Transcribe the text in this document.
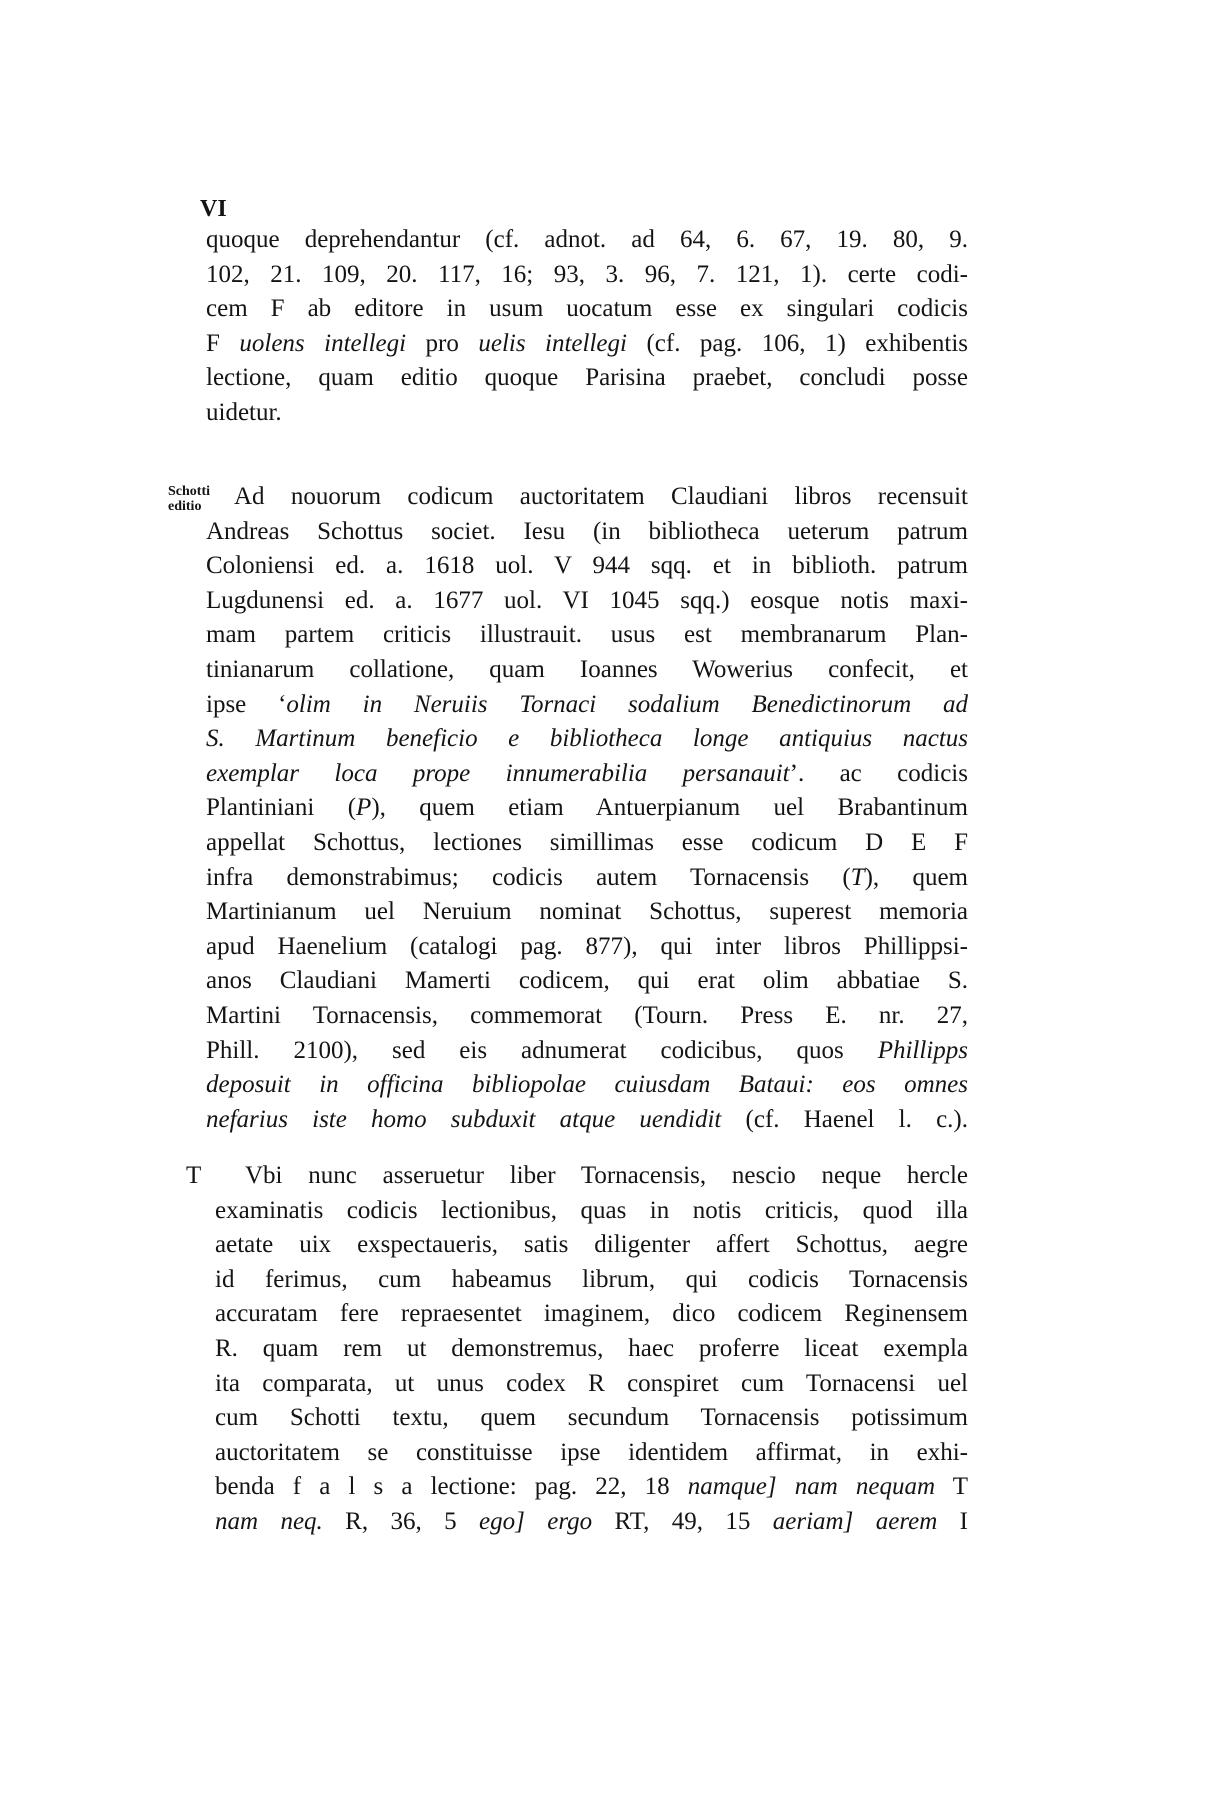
VI
Schotti
editio
T
quoque deprehendantur (cf. adnot. ad 64, 6. 67, 19. 80, 9.
102, 21. 109, 20. 117, 16; 93, 3. 96, 7. 121, 1). certe codi-
cem F ab editore in usum uocatum esse ex singulari codicis
F uolens intellegi pro uelis intellegi (cf. pag. 106, 1) exhibentis
lectione, quam editio quoque Parisina praebet, concludi posse
uidetur.
Ad nouorum codicum auctoritatem Claudiani libros recensuit
Andreas Schottus societ. Iesu (in bibliotheca ueterum patrum
Coloniensi ed. a. 1618 uol. V 944 sqq. et in biblioth. patrum
Lugdunensi ed. a. 1677 uol. VI 1045 sqq.) eosque notis maxi-
mam partem criticis illustrauit. usus est membranarum Plan-
tinianarum collatione, quam Ioannes Wowerius confecit, et
ipse ‘olim in Neruiis Tornaci sodalium Benedictinorum ad
S. Martinum beneficio e bibliotheca longe antiquius nactus
exemplar loca prope innumerabilia persanauit’. ac codicis
Plantiniani (P), quem etiam Antuerpianum uel Brabantinum
appellat Schottus, lectiones simillimas esse codicum D E F
infra demonstrabimus; codicis autem Tornacensis (T), quem
Martinianum uel Neruium nominat Schottus, superest memoria
apud Haenelium (catalogi pag. 877), qui inter libros Phillippsi-
anos Claudiani Mamerti codicem, qui erat olim abbatiae S.
Martini Tornacensis, commemorat (Tourn. Press E. nr. 27,
Phill. 2100), sed eis adnumerat codicibus, quos Phillipps
deposuit in officina bibliopolae cuiusdam Bataui: eos omnes
nefarius iste homo subduxit atque uendidit (cf. Haenel l. c.).
Vbi nunc asseruetur liber Tornacensis, nescio neque hercle
examinatis codicis lectionibus, quas in notis criticis, quod illa
aetate uix exspectaueris, satis diligenter affert Schottus, aegre
id ferimus, cum habeamus librum, qui codicis Tornacensis
accuratam fere repraesentet imaginem, dico codicem Reginensem
R. quam rem ut demonstremus, haec proferre liceat exempla
ita comparata, ut unus codex R conspiret cum Tornacensi uel
cum Schotti textu, quem secundum Tornacensis potissimum
auctoritatem se constituisse ipse identidem affirmat, in exhi-
benda f a l s a lectione: pag. 22, 18 namque] nam nequam T
nam neq. R, 36, 5 ego] ergo RT, 49, 15 aeriam] aerem I
